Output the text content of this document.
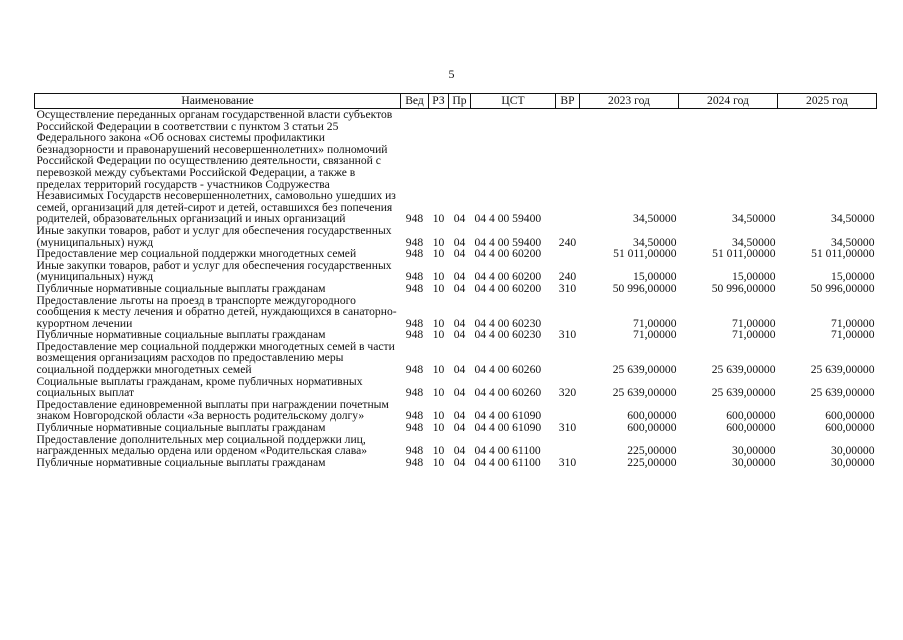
5
Наименование	Вед	РЗ	Пр	ЦСТ	ВР	2023 год	2024 год	2025 год
Осуществление переданных органам государственной власти субъектов Российской Федерации в соответствии с пунктом 3 статьи 25 Федерального закона «Об основах системы профилактики безнадзорности и правонарушений несовершеннолетних» полномочий Российской Федерации по осуществлению деятельности, связанной с перевозкой между субъектами Российской Федерации, а также в пределах территорий государств - участников Содружества Независимых Государств несовершеннолетних, самовольно ушедших из семей, организаций для детей-сирот и детей, оставшихся без попечения родителей, образовательных организаций и иных организаций	948	10	04	04 4 00 59400		34,50000	34,50000	34,50000
Иные закупки товаров, работ и услуг для обеспечения государственных (муниципальных) нужд	948	10	04	04 4 00 59400	240	34,50000	34,50000	34,50000
Предоставление мер социальной поддержки многодетных семей	948	10	04	04 4 00 60200		51 011,00000	51 011,00000	51 011,00000
Иные закупки товаров, работ и услуг для обеспечения государственных (муниципальных) нужд	948	10	04	04 4 00 60200	240	15,00000	15,00000	15,00000
Публичные нормативные социальные выплаты гражданам	948	10	04	04 4 00 60200	310	50 996,00000	50 996,00000	50 996,00000
Предоставление льготы на проезд в транспорте междугородного сообщения к месту лечения и обратно детей, нуждающихся в санаторно-курортном лечении	948	10	04	04 4 00 60230		71,00000	71,00000	71,00000
Публичные нормативные социальные выплаты гражданам	948	10	04	04 4 00 60230	310	71,00000	71,00000	71,00000
Предоставление мер социальной поддержки многодетных семей в части возмещения организациям расходов по предоставлению меры социальной поддержки многодетных семей	948	10	04	04 4 00 60260		25 639,00000	25 639,00000	25 639,00000
Социальные выплаты гражданам, кроме публичных нормативных социальных выплат	948	10	04	04 4 00 60260	320	25 639,00000	25 639,00000	25 639,00000
Предоставление единовременной выплаты при награждении почетным знаком Новгородской области «За верность родительскому долгу»	948	10	04	04 4 00 61090		600,00000	600,00000	600,00000
Публичные нормативные социальные выплаты гражданам	948	10	04	04 4 00 61090	310	600,00000	600,00000	600,00000
Предоставление дополнительных мер социальной поддержки лиц, награжденных медалью ордена или орденом «Родительская слава»	948	10	04	04 4 00 61100		225,00000	30,00000	30,00000
Публичные нормативные социальные выплаты гражданам	948	10	04	04 4 00 61100	310	225,00000	30,00000	30,00000
